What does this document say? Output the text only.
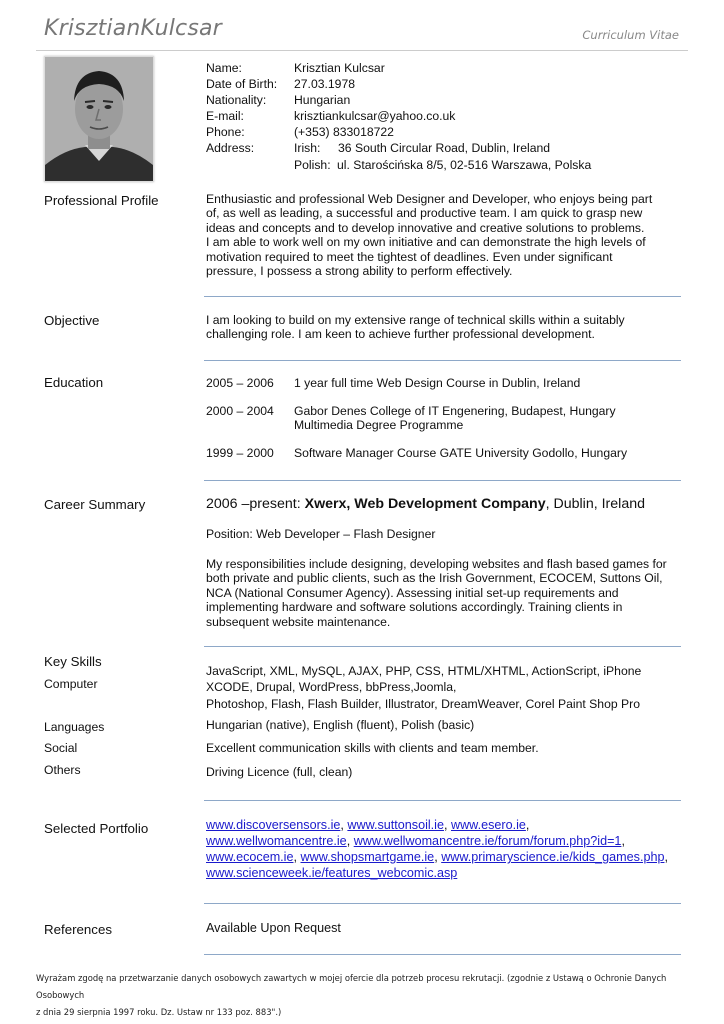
KrisztianKulcsar	Curriculum Vitae
Name:	Krisztian Kulcsar
Date of Birth: 27.03.1978
Nationality: Hungarian
E-mail:	krisztiankulcsar@yahoo.co.uk
Phone:	(+353) 833018722
Address:	Irish: 36 South Circular Road, Dublin, Ireland
Polish: ul. Starościńska 8/5, 02-516 Warszawa, Polska
Professional Profile	Enthusiastic and professional Web Designer and Developer, who enjoys being part
of, as well as leading, a successful and productive team. I am quick to grasp new
ideas and concepts and to develop innovative and creative solutions to problems.
I am able to work well on my own initiative and can demonstrate the high levels of
motivation required to meet the tightest of deadlines. Even under significant
pressure, I possess a strong ability to perform effectively.
Objective	I am looking to build on my extensive range of technical skills within a suitably
challenging role. I am keen to achieve further professional development.
Education	2005 – 2006 1 year full time Web Design Course in Dublin, Ireland
2000 – 2004 Gabor Denes College of IT Engenering, Budapest, Hungary
Multimedia Degree Programme
1999 – 2000 Software Manager Course GATE University Godollo, Hungary
Career Summary	2006 –present: Xwerx, Web Development Company, Dublin, Ireland
Position: Web Developer – Flash Designer
My responsibilities include designing, developing websites and flash based games for
both private and public clients, such as the Irish Government, ECOCEM, Suttons Oil,
NCA (National Consumer Agency). Assessing initial set-up requirements and
implementing hardware and software solutions accordingly. Training clients in
subsequent website maintenance.
Key Skills
Computer
JavaScript, XML, MySQL, AJAX, PHP, CSS, HTML/XHTML, ActionScript, iPhone
XCODE, Drupal, WordPress, bbPress,Joomla,
Photoshop, Flash, Flash Builder, Illustrator, DreamWeaver, Corel Paint Shop Pro
Languages	Hungarian (native), English (fluent), Polish (basic)
Social	Excellent communication skills with clients and team member.
Others	Driving Licence (full, clean)
Selected Portfolio	www.discoversensors.ie, www.suttonsoil.ie, www.esero.ie,
www.wellwomancentre.ie, www.wellwomancentre.ie/forum/forum.php?id=1,
www.ecocem.ie, www.shopsmartgame.ie, www.primaryscience.ie/kids_games.php,
www.scienceweek.ie/features_webcomic.asp
References	Available Upon Request
Wyrażam zgodę na przetwarzanie danych osobowych zawartych w mojej ofercie dla potrzeb procesu rekrutacji. (zgodnie z Ustawą o Ochronie Danych Osobowych
z dnia 29 sierpnia 1997 roku. Dz. Ustaw nr 133 poz. 883".)
